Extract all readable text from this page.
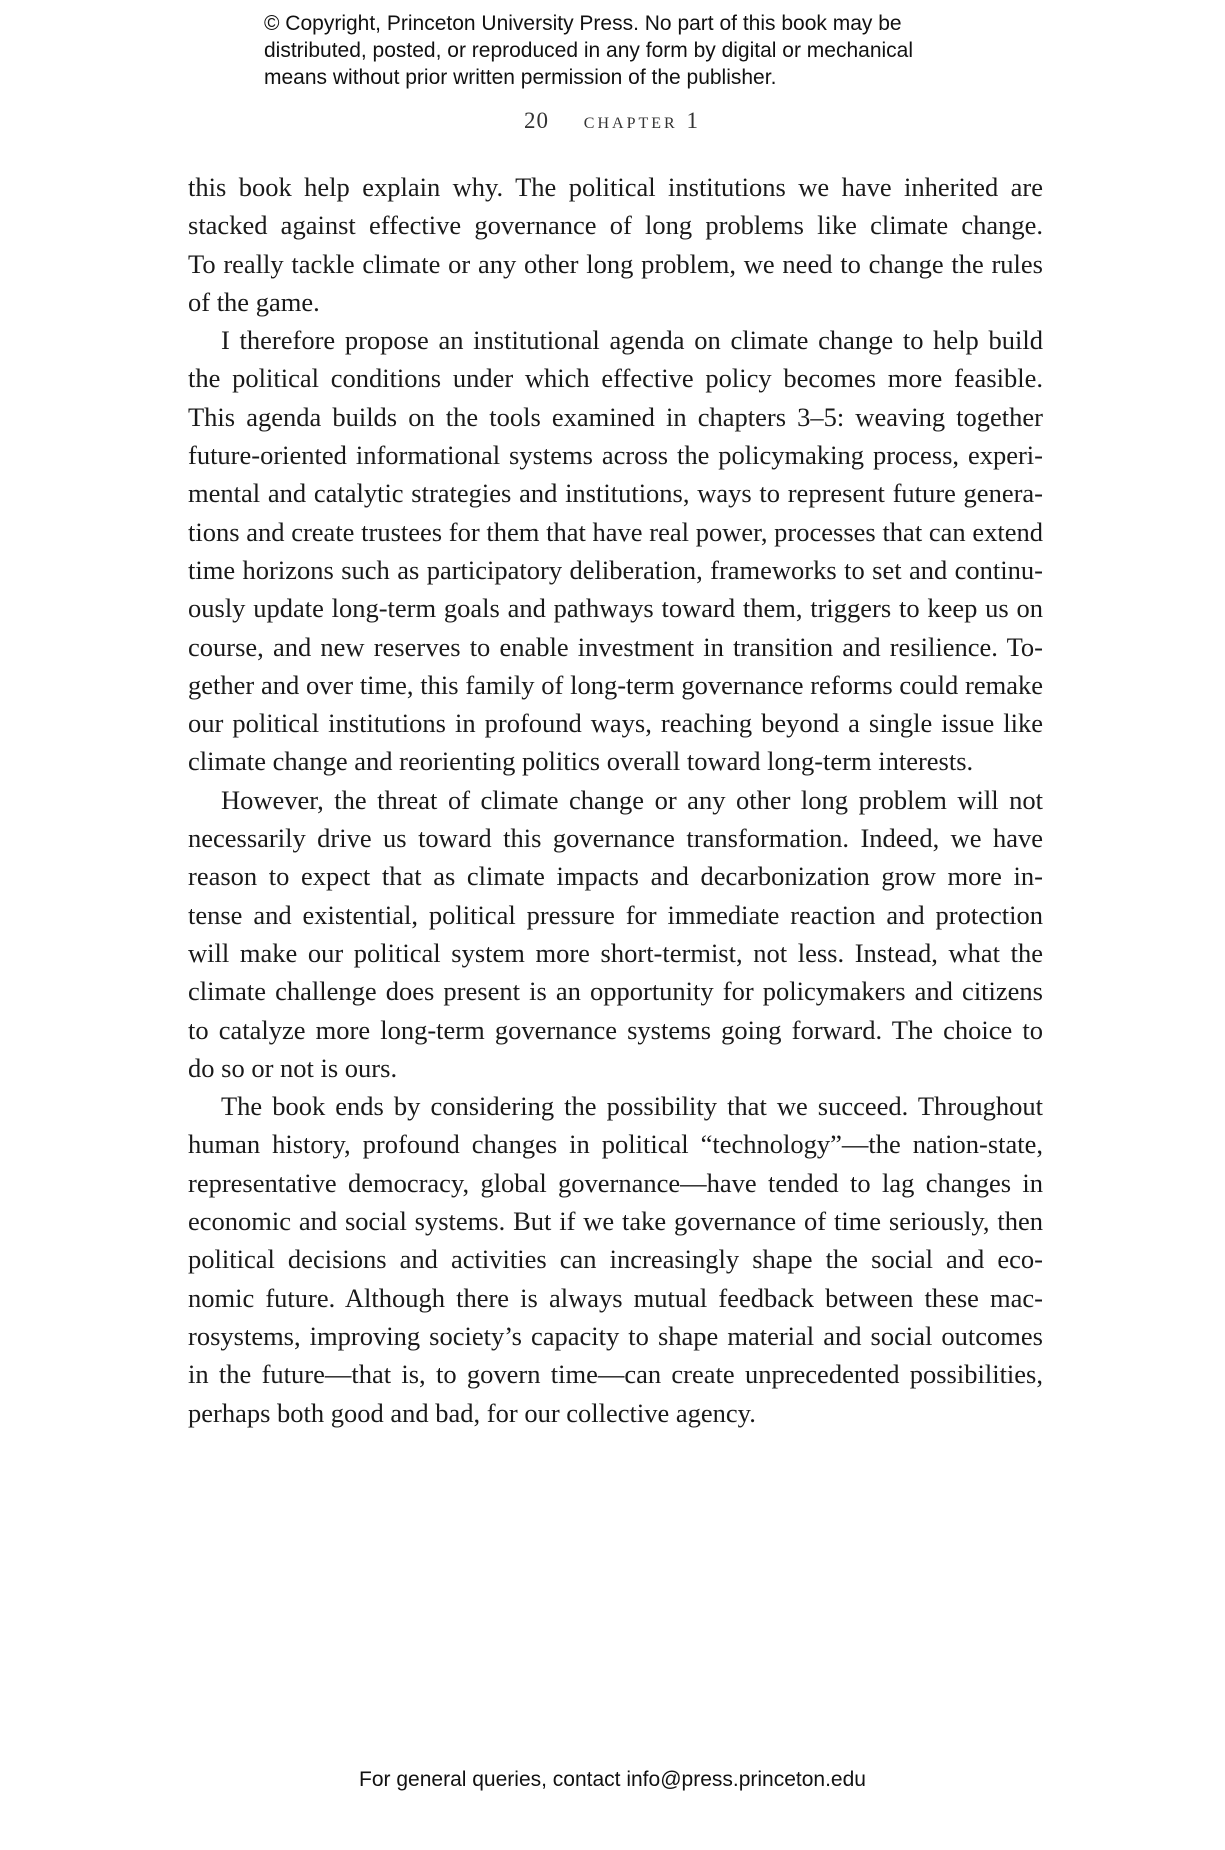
© Copyright, Princeton University Press. No part of this book may be
distributed, posted, or reproduced in any form by digital or mechanical
means without prior written permission of the publisher.
20 chapter 1

this book help explain why. The political institutions we have inherited are
stacked against effective governance of long problems like climate change.
To really tackle climate or any other long problem, we need to change the rules
of the game.

I therefore propose an institutional agenda on climate change to help build
the political conditions under which effective policy becomes more feasible.
This agenda builds on the tools examined in chapters 3–5: weaving together
future-oriented informational systems across the policymaking process, experi-
mental and catalytic strategies and institutions, ways to represent future genera-
tions and create trustees for them that have real power, processes that can extend
time horizons such as participatory deliberation, frameworks to set and continu-
ously update long-term goals and pathways toward them, triggers to keep us on
course, and new reserves to enable investment in transition and resilience. To-
gether and over time, this family of long-term governance reforms could remake
our political institutions in profound ways, reaching beyond a single issue like
climate change and reorienting politics overall toward long-term interests.

However, the threat of climate change or any other long problem will not
necessarily drive us toward this governance transformation. Indeed, we have
reason to expect that as climate impacts and decarbonization grow more in-
tense and existential, political pressure for immediate reaction and protection
will make our political system more short-termist, not less. Instead, what the
climate challenge does present is an opportunity for policymakers and citizens
to catalyze more long-term governance systems going forward. The choice to
do so or not is ours.

The book ends by considering the possibility that we succeed. Throughout
human history, profound changes in political “technology”—the nation-state,
representative democracy, global governance—have tended to lag changes in
economic and social systems. But if we take governance of time seriously, then
political decisions and activities can increasingly shape the social and eco-
nomic future. Although there is always mutual feedback between these mac-
rosystems, improving society’s capacity to shape material and social outcomes
in the future—that is, to govern time—can create unprecedented possibilities,
perhaps both good and bad, for our collective agency.

For general queries, contact info@press.princeton.edu
